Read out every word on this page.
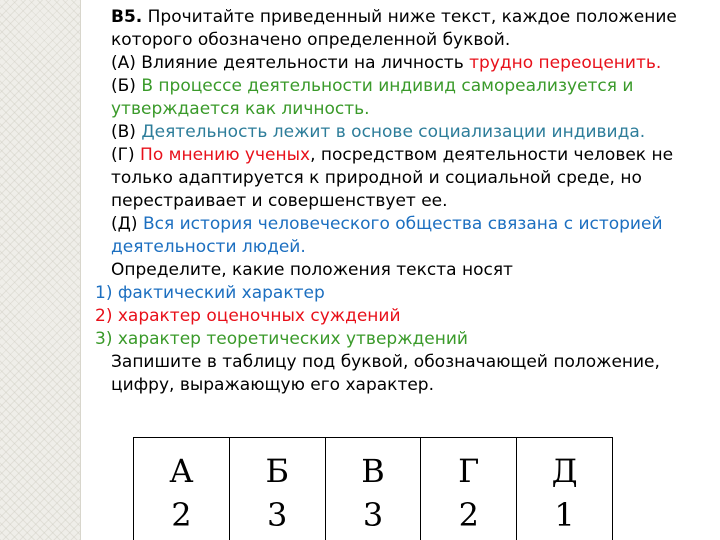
В5. Прочитайте приведенный ниже текст, каждое положение которого обозначено определенной буквой.

(А) Влияние деятельности на личность трудно переоценить.

(Б) В процессе деятельности индивид самореализуется и утверждается как личность.

(В) Деятельность лежит в основе социализации индивида.

(Г) По мнению ученых, посредством деятельности человек не только адаптируется к природной и социальной среде, но перестраивает и совершенствует ее.

(Д) Вся история человеческого общества связана с историей деятельности людей.

Определите, какие положения текста носят

1) фактический характер

2) характер оценочных суждений

3) характер теоретических утверждений

Запишите в таблицу под буквой, обозначающей положение, цифру, выражающую его характер.

А	Б	В	Г	Д
2	3	3	2	1
